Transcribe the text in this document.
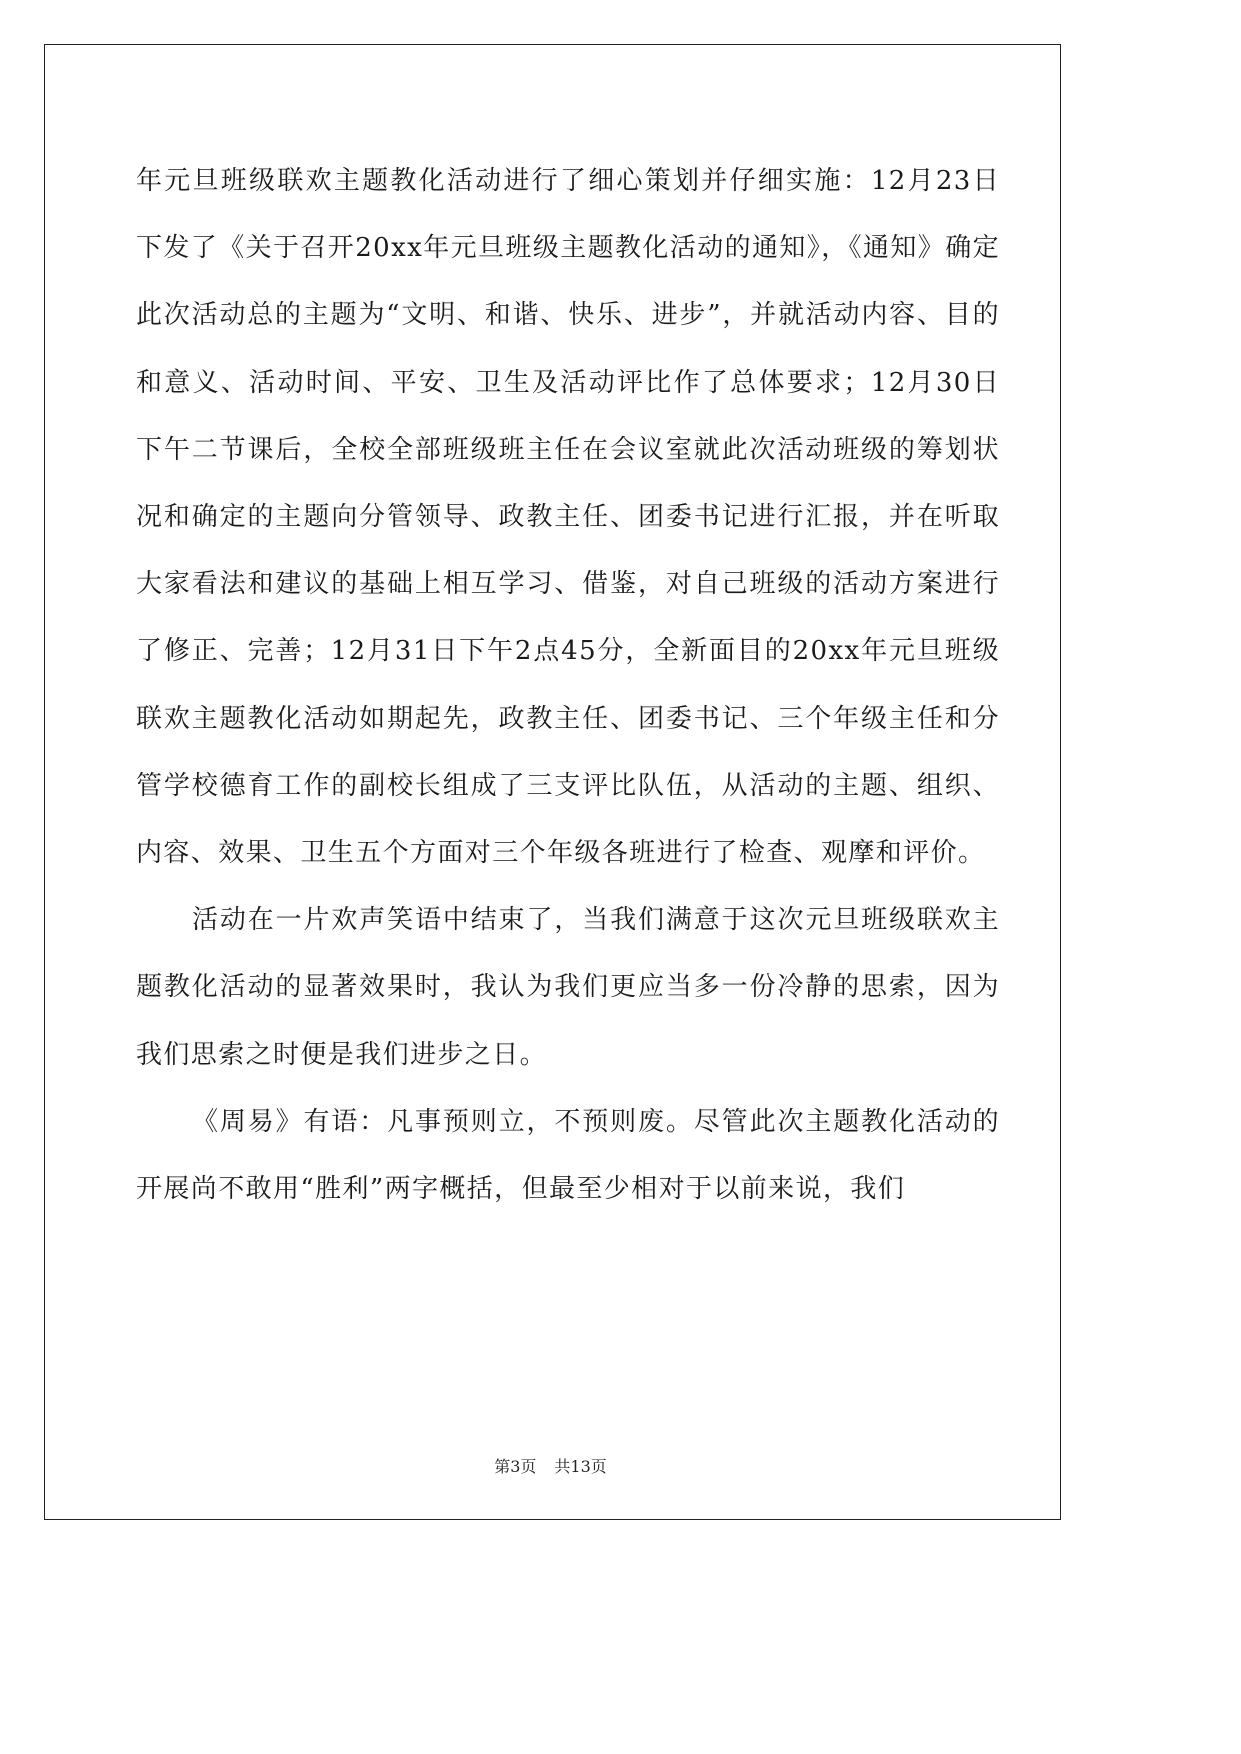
年元旦班级联欢主题教化活动进行了细心策划并仔细实施：12月23日下发了《关于召开20xx年元旦班级主题教化活动的通知》，《通知》确定此次活动总的主题为“文明、和谐、快乐、进步”，并就活动内容、目的和意义、活动时间、平安、卫生及活动评比作了总体要求；12月30日下午二节课后，全校全部班级班主任在会议室就此次活动班级的筹划状况和确定的主题向分管领导、政教主任、团委书记进行汇报，并在听取大家看法和建议的基础上相互学习、借鉴，对自己班级的活动方案进行了修正、完善；12月31日下午2点45分，全新面目的20xx年元旦班级联欢主题教化活动如期起先，政教主任、团委书记、三个年级主任和分管学校德育工作的副校长组成了三支评比队伍，从活动的主题、组织、内容、效果、卫生五个方面对三个年级各班进行了检查、观摩和评价。

活动在一片欢声笑语中结束了，当我们满意于这次元旦班级联欢主题教化活动的显著效果时，我认为我们更应当多一份冷静的思索，因为我们思索之时便是我们进步之日。

《周易》有语：凡事预则立，不预则废。尽管此次主题教化活动的开展尚不敢用“胜利”两字概括，但最至少相对于以前来说，我们

第3页 共13页
